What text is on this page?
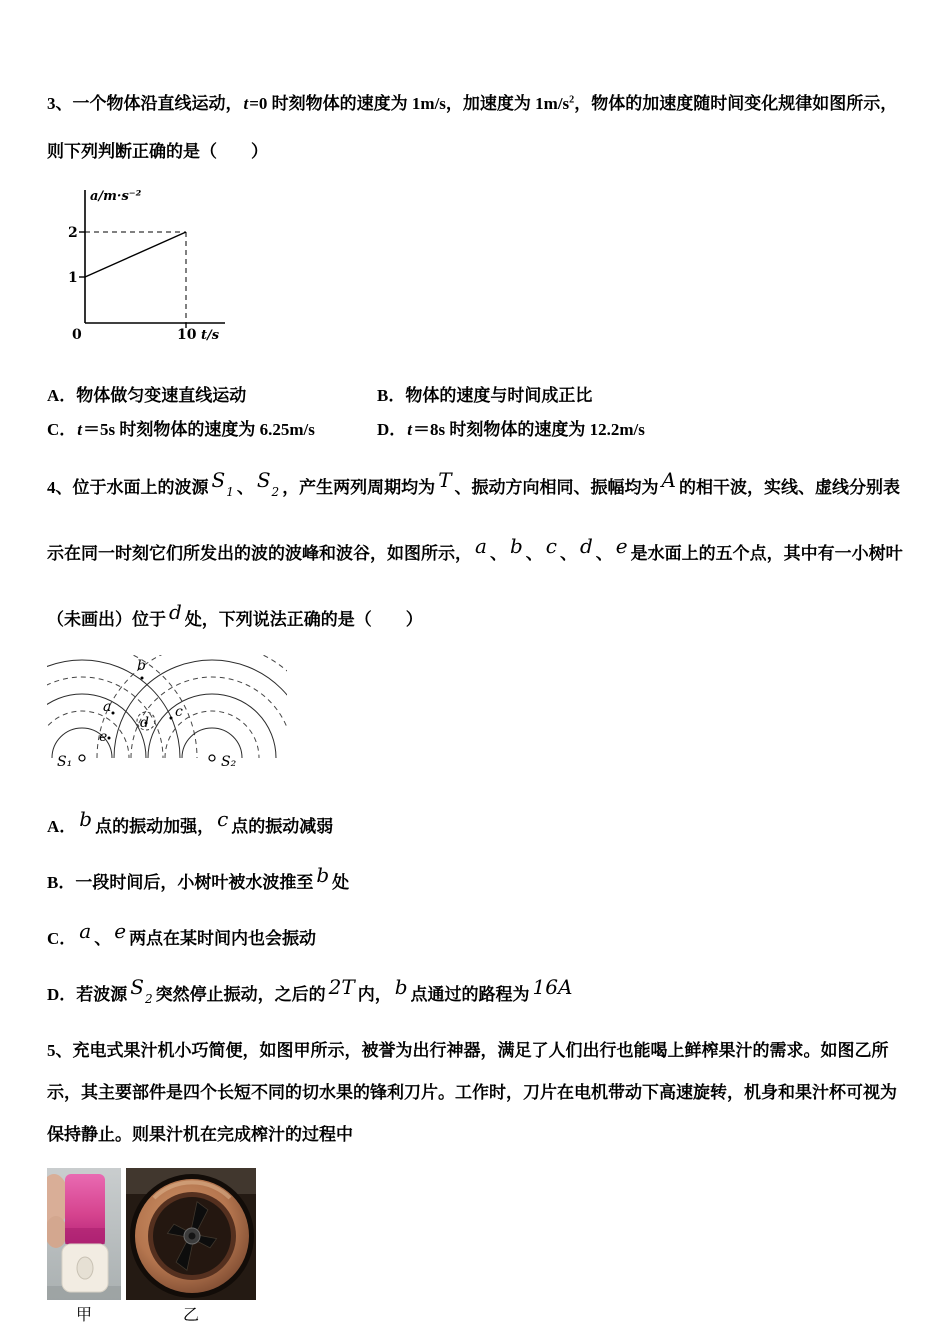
3、一个物体沿直线运动，t=0 时刻物体的速度为 1m/s，加速度为 $1m/s^2$，物体的加速度随时间变化规律如图所示，则下列判断正确的是（　　）

2
1
0	10
a/m·s⁻²
t/s

A．物体做匀变速直线运动	B．物体的速度与时间成正比

C．t＝5s 时刻物体的速度为 6.25m/s	D．t＝8s 时刻物体的速度为 12.2m/s

4、位于水面上的波源 $S_1$ 、 $S_2$ ，产生两列周期均为 T 、振动方向相同、振幅均为 A 的相干波，实线、虚线分别表示在同一时刻它们所发出的波的波峰和波谷，如图所示， a 、 b 、 c 、 d 、 e 是水面上的五个点，其中有一小树叶（未画出）位于 d 处，下列说法正确的是（　　）

a
b
c
d
e
S₁	S₂

A． b 点的振动加强， c 点的振动减弱

B．一段时间后，小树叶被水波推至 b 处

C． a 、 e 两点在某时间内也会振动

D．若波源 $S_2$ 突然停止振动，之后的 2T 内， b 点通过的路程为 16A

5、充电式果汁机小巧简便，如图甲所示，被誉为出行神器，满足了人们出行也能喝上鲜榨果汁的需求。如图乙所示，其主要部件是四个长短不同的切水果的锋利刀片。工作时，刀片在电机带动下高速旋转，机身和果汁杯可视为保持静止。则果汁机在完成榨汁的过程中

甲	乙
